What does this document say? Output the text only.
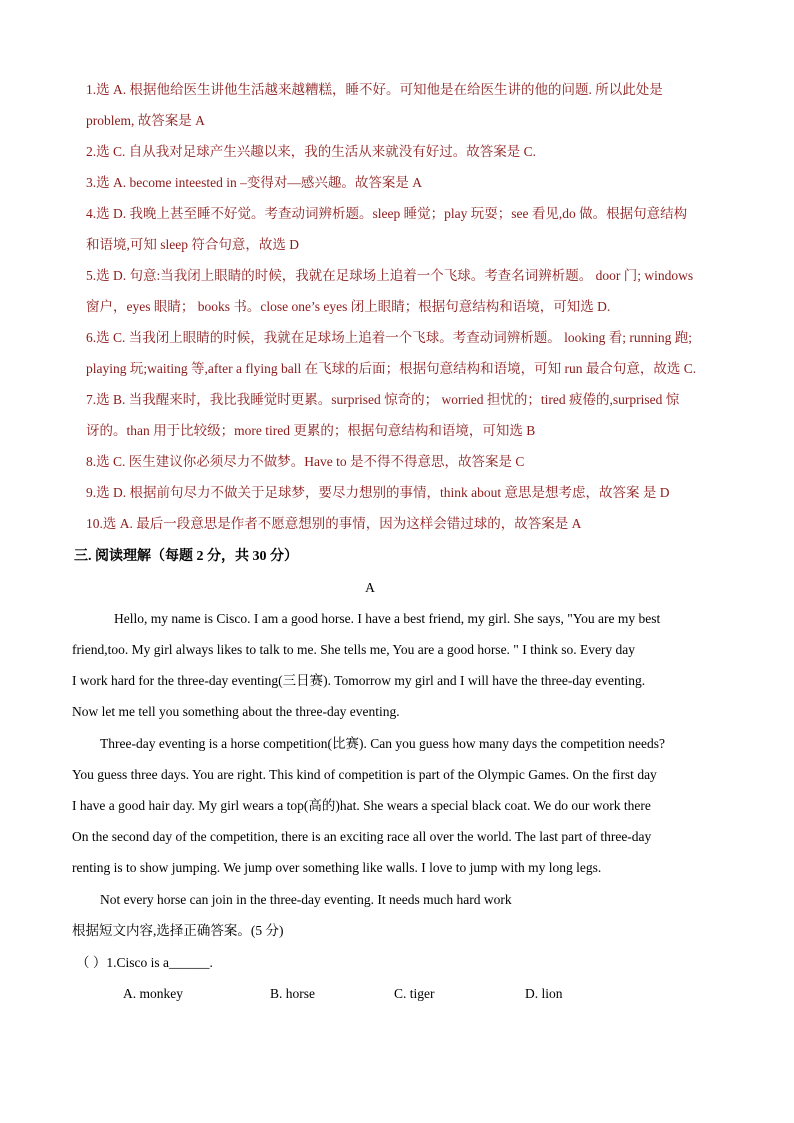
1.选 A. 根据他给医生讲他生活越来越糟糕，睡不好。可知他是在给医生讲的他的问题. 所以此处是
problem, 故答案是 A
2.选 C. 自从我对足球产生兴趣以来，我的生活从来就没有好过。故答案是 C.
3.选 A. become inteested in –变得对—感兴趣。故答案是 A
4.选 D. 我晚上甚至睡不好觉。考查动词辨析题。sleep 睡觉；play 玩耍；see 看见,do 做。根据句意结构
和语境,可知 sleep 符合句意，故选 D
5.选 D. 句意:当我闭上眼睛的时候，我就在足球场上追着一个飞球。考查名词辨析题。 door 门; windows
窗户，eyes 眼睛； books 书。close one’s eyes 闭上眼睛；根据句意结构和语境，可知选 D.
6.选 C. 当我闭上眼睛的时候，我就在足球场上追着一个飞球。考查动词辨析题。 looking 看; running 跑;
playing 玩;waiting 等,after a flying ball 在飞球的后面；根据句意结构和语境，可知 run 最合句意，故选 C.
7.选 B. 当我醒来时，我比我睡觉时更累。surprised 惊奇的； worried 担忧的；tired 疲倦的,surprised 惊
讶的。than 用于比较级；more tired 更累的；根据句意结构和语境，可知选 B
8.选 C. 医生建议你必须尽力不做梦。Have to 是不得不得意思，故答案是 C
9.选 D. 根据前句尽力不做关于足球梦，要尽力想别的事情，think about 意思是想考虑，故答案 是 D
10.选 A. 最后一段意思是作者不愿意想别的事情，因为这样会错过球的，故答案是 A
三. 阅读理解（每题 2 分，共 30 分）
A
Hello, my name is Cisco. I am a good horse. I have a best friend, my girl. She says, "You are my best
friend,too. My girl always likes to talk to me. She tells me, You are a good horse. " I think so. Every day
I work hard for the three-day eventing(三日赛). Tomorrow my girl and I will have the three-day eventing.
Now let me tell you something about the three-day eventing.
Three-day eventing is a horse competition(比赛). Can you guess how many days the competition needs?
You guess three days. You are right. This kind of competition is part of the Olympic Games. On the first day
I have a good hair day. My girl wears a top(高的)hat. She wears a special black coat. We do our work there
On the second day of the competition, there is an exciting race all over the world. The last part of three-day
renting is to show jumping. We jump over something like walls. I love to jump with my long legs.
Not every horse can join in the three-day eventing. It needs much hard work
根据短文内容,选择正确答案。(5 分)
（ ）1.Cisco is a______.
A. monkey	B. horse	C. tiger	D. lion
